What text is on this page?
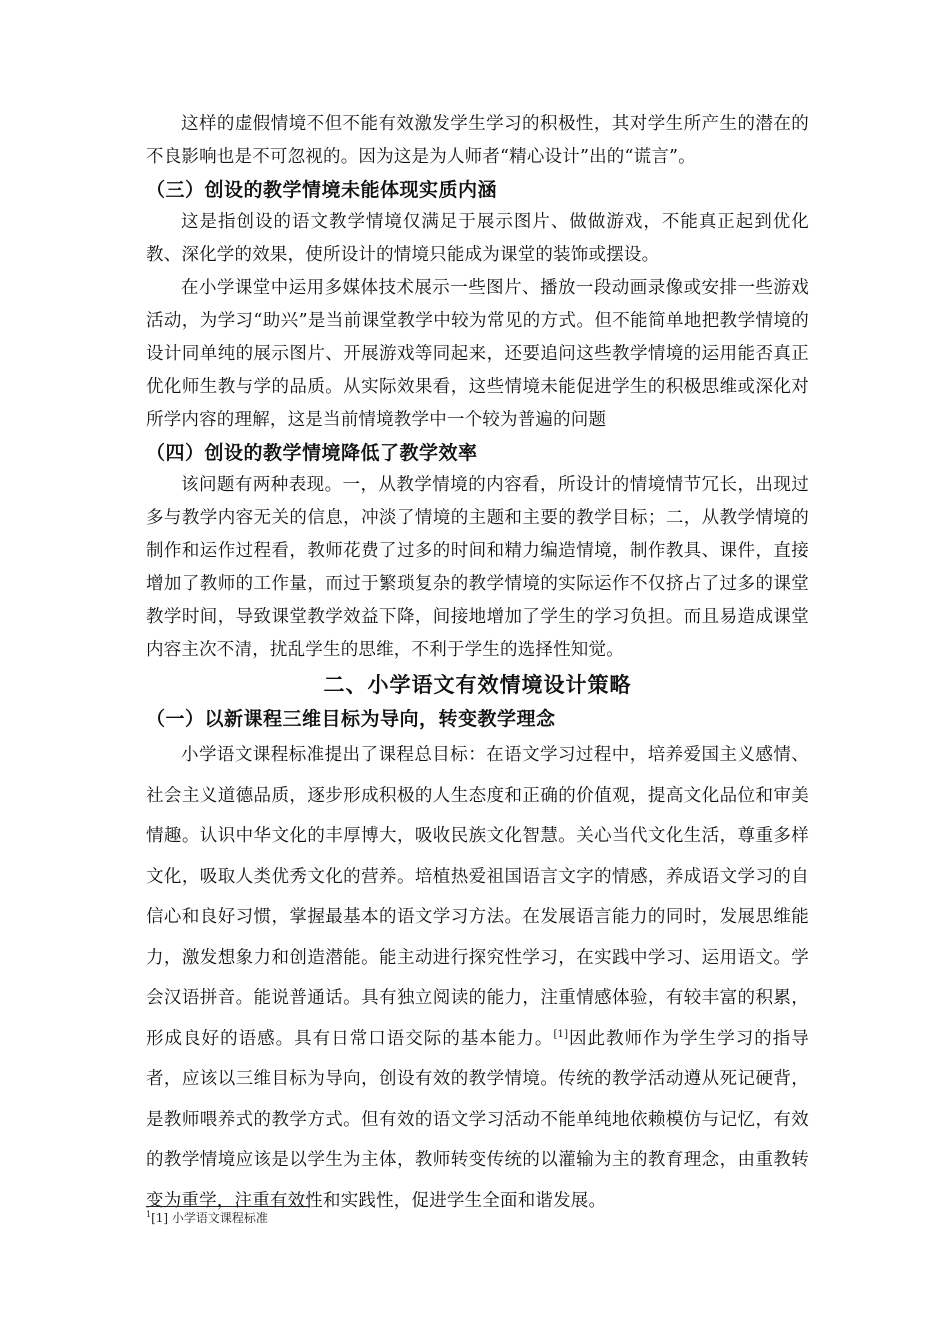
这样的虚假情境不但不能有效激发学生学习的积极性，其对学生所产生的潜在的不良影响也是不可忽视的。因为这是为人师者“精心设计”出的“谎言”。

（三）创设的教学情境未能体现实质内涵

这是指创设的语文教学情境仅满足于展示图片、做做游戏，不能真正起到优化教、深化学的效果，使所设计的情境只能成为课堂的装饰或摆设。

在小学课堂中运用多媒体技术展示一些图片、播放一段动画录像或安排一些游戏活动，为学习“助兴”是当前课堂教学中较为常见的方式。但不能简单地把教学情境的设计同单纯的展示图片、开展游戏等同起来，还要追问这些教学情境的运用能否真正优化师生教与学的品质。从实际效果看，这些情境未能促进学生的积极思维或深化对所学内容的理解，这是当前情境教学中一个较为普遍的问题

（四）创设的教学情境降低了教学效率

该问题有两种表现。一，从教学情境的内容看，所设计的情境情节冗长，出现过多与教学内容无关的信息，冲淡了情境的主题和主要的教学目标；二，从教学情境的制作和运作过程看，教师花费了过多的时间和精力编造情境，制作教具、课件，直接增加了教师的工作量，而过于繁琐复杂的教学情境的实际运作不仅挤占了过多的课堂教学时间，导致课堂教学效益下降，间接地增加了学生的学习负担。而且易造成课堂内容主次不清，扰乱学生的思维，不利于学生的选择性知觉。

二、小学语文有效情境设计策略
（一）以新课程三维目标为导向，转变教学理念

小学语文课程标准提出了课程总目标：在语文学习过程中，培养爱国主义感情、社会主义道德品质，逐步形成积极的人生态度和正确的价值观，提高文化品位和审美情趣。认识中华文化的丰厚博大，吸收民族文化智慧。关心当代文化生活，尊重多样文化，吸取人类优秀文化的营养。培植热爱祖国语言文字的情感，养成语文学习的自信心和良好习惯，掌握最基本的语文学习方法。在发展语言能力的同时，发展思维能力，激发想象力和创造潜能。能主动进行探究性学习，在实践中学习、运用语文。学会汉语拼音。能说普通话。具有独立阅读的能力，注重情感体验，有较丰富的积累，形成良好的语感。具有日常口语交际的基本能力。[1]因此教师作为学生学习的指导者，应该以三维目标为导向，创设有效的教学情境。传统的教学活动遵从死记硬背，是教师喂养式的教学方式。但有效的语文学习活动不能单纯地依赖模仿与记忆，有效的教学情境应该是以学生为主体，教师转变传统的以灌输为主的教育理念，由重教转变为重学，注重有效性和实践性，促进学生全面和谐发展。

$^1$[1] 小学语文课程标准
